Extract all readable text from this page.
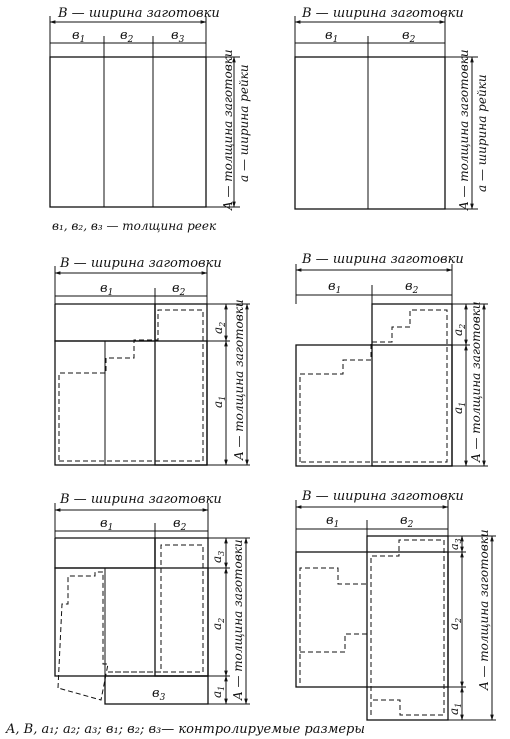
B — ширина заготовки
$в_1$	$в_2$	$в_3$
A — толщина заготовки a — ширина рейки
в₁, в₂, в₃ — толщина реек
B — ширина заготовки
$в_1$	$в_2$
A — толщина заготовки a — ширина рейки
B — ширина заготовки
$в_1$	$в_2$
$a_2$
$a_1$ A — толщина заготовки
B — ширина заготовки
$в_1$	$в_2$
$a_2$
$a_1$ A — толщина заготовки
B — ширина заготовки
$в_1$	$в_2$
$в_3$
$a_3$
$a_2$
$a_1$ A — толщина заготовки
B — ширина заготовки
$в_1$	$в_2$
$a_3$
$a_2$
$a_1$
A — толщина заготовки
A, B, a₁; a₂; a₃; в₁; в₂; в₃— контролируемые размеры
